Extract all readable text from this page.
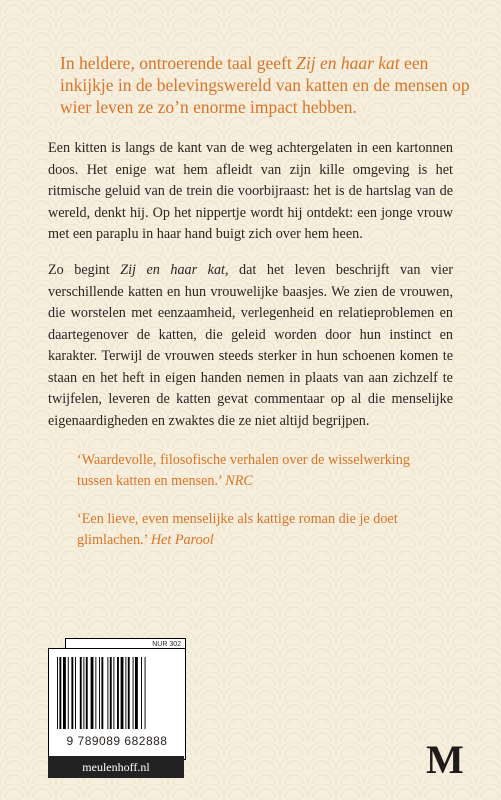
In heldere, ontroerende taal geeft Zij en haar kat een inkijkje in de belevingswereld van katten en de mensen op wier leven ze zo’n enorme impact hebben.
Een kitten is langs de kant van de weg achtergelaten in een kartonnen doos. Het enige wat hem afleidt van zijn kille omgeving is het ritmische geluid van de trein die voorbijraast: het is de hartslag van de wereld, denkt hij. Op het nippertje wordt hij ontdekt: een jonge vrouw met een paraplu in haar hand buigt zich over hem heen.
Zo begint Zij en haar kat, dat het leven beschrijft van vier verschillende katten en hun vrouwelijke baasjes. We zien de vrouwen, die worstelen met eenzaamheid, verlegenheid en relatieproblemen en daartegenover de katten, die geleid worden door hun instinct en karakter. Terwijl de vrouwen steeds sterker in hun schoenen komen te staan en het heft in eigen handen nemen in plaats van aan zichzelf te twijfelen, leveren de katten gevat commentaar op al die menselijke eigenaardigheden en zwaktes die ze niet altijd begrijpen.
‘Waardevolle, filosofische verhalen over de wisselwerking tussen katten en mensen.’ NRC
‘Een lieve, even menselijke als kattige roman die je doet glimlachen.’ Het Parool
NUR 302
9 789089 682888
meulenhoff.nl	M
